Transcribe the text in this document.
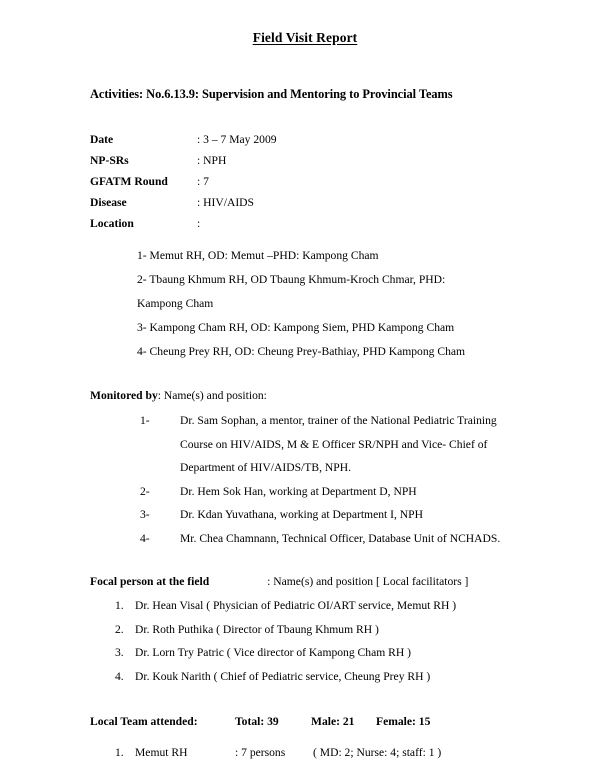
Field Visit Report
Activities: No.6.13.9: Supervision and Mentoring to Provincial Teams
Date	: 3 – 7 May 2009
NP-SRs	: NPH
GFATM Round	: 7
Disease	: HIV/AIDS
Location	:
1- Memut RH, OD: Memut –PHD: Kampong Cham
2- Tbaung Khmum RH, OD Tbaung Khmum-Kroch Chmar, PHD:
Kampong Cham
3- Kampong Cham RH, OD: Kampong Siem, PHD Kampong Cham
4- Cheung Prey RH, OD: Cheung Prey-Bathiay, PHD Kampong Cham
Monitored by: Name(s) and position:
1-	Dr. Sam Sophan, a mentor, trainer of the National Pediatric Training
Course on HIV/AIDS, M & E Officer SR/NPH and Vice- Chief of
Department of HIV/AIDS/TB, NPH.
2-	Dr. Hem Sok Han, working at Department D, NPH
3-	Dr. Kdan Yuvathana, working at Department I, NPH
4-	Mr. Chea Chamnann, Technical Officer, Database Unit of NCHADS.
Focal person at the field	: Name(s) and position [ Local facilitators ]
1. Dr. Hean Visal ( Physician of Pediatric OI/ART service, Memut RH )
2. Dr. Roth Puthika ( Director of Tbaung Khmum RH )
3. Dr. Lorn Try Patric ( Vice director of Kampong Cham RH )
4. Dr. Kouk Narith ( Chief of Pediatric service, Cheung Prey RH )
Local Team attended:	Total: 39	Male: 21	Female: 15
1. Memut RH	: 7 persons	( MD: 2; Nurse: 4; staff: 1 )
